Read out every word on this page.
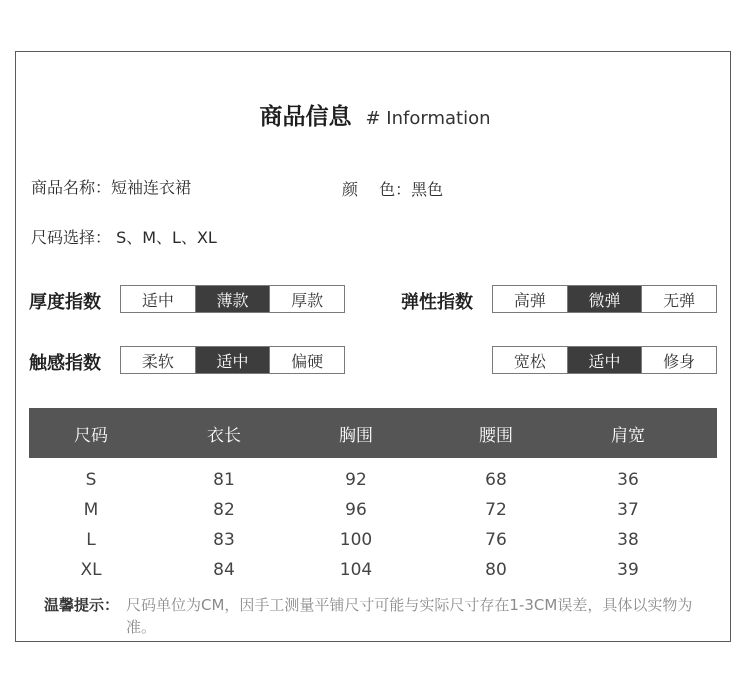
商品信息 # Information
商品名称：短袖连衣裙	颜　 色：黑色
尺码选择： S、M、L、XL
厚度指数	适中	薄款	厚款	弹性指数	高弹	微弹	无弹
触感指数	柔软	适中	偏硬	宽松	适中	修身
尺码	衣长	胸围	腰围	肩宽
S	81	92	68	36
M	82	96	72	37
L	83	100	76	38
XL	84	104	80	39
温馨提示： 尺码单位为CM，因手工测量平铺尺寸可能与实际尺寸存在1-3CM误差，具体以实物为准。
